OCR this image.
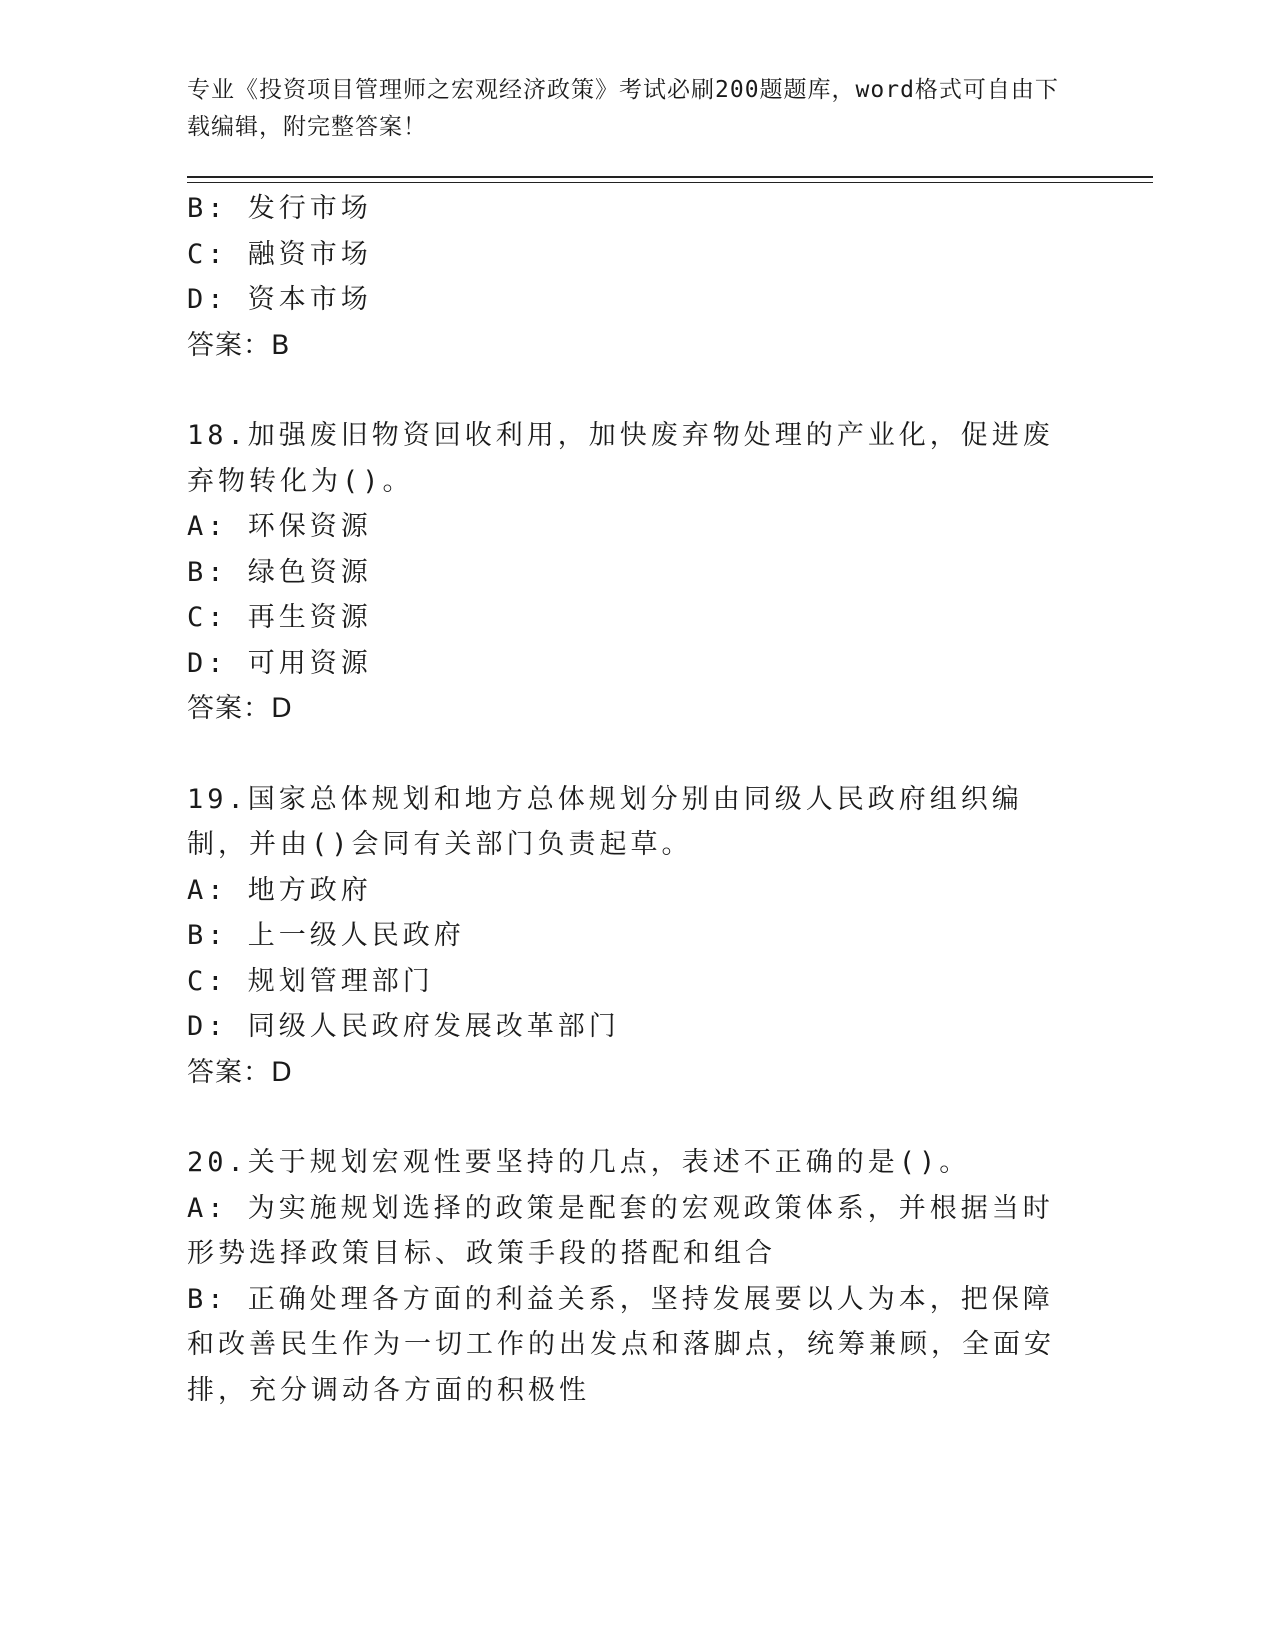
专业《投资项目管理师之宏观经济政策》考试必刷200题题库，word格式可自由下载编辑，附完整答案！

B: 发行市场

C: 融资市场

D: 资本市场

答案：B

18.加强废旧物资回收利用，加快废弃物处理的产业化，促进废弃物转化为()。

A: 环保资源

B: 绿色资源

C: 再生资源

D: 可用资源

答案：D

19.国家总体规划和地方总体规划分别由同级人民政府组织编制，并由()会同有关部门负责起草。

A: 地方政府

B: 上一级人民政府

C: 规划管理部门

D: 同级人民政府发展改革部门

答案：D

20.关于规划宏观性要坚持的几点，表述不正确的是()。

A: 为实施规划选择的政策是配套的宏观政策体系，并根据当时形势选择政策目标、政策手段的搭配和组合

B: 正确处理各方面的利益关系，坚持发展要以人为本，把保障和改善民生作为一切工作的出发点和落脚点，统筹兼顾，全面安排，充分调动各方面的积极性
